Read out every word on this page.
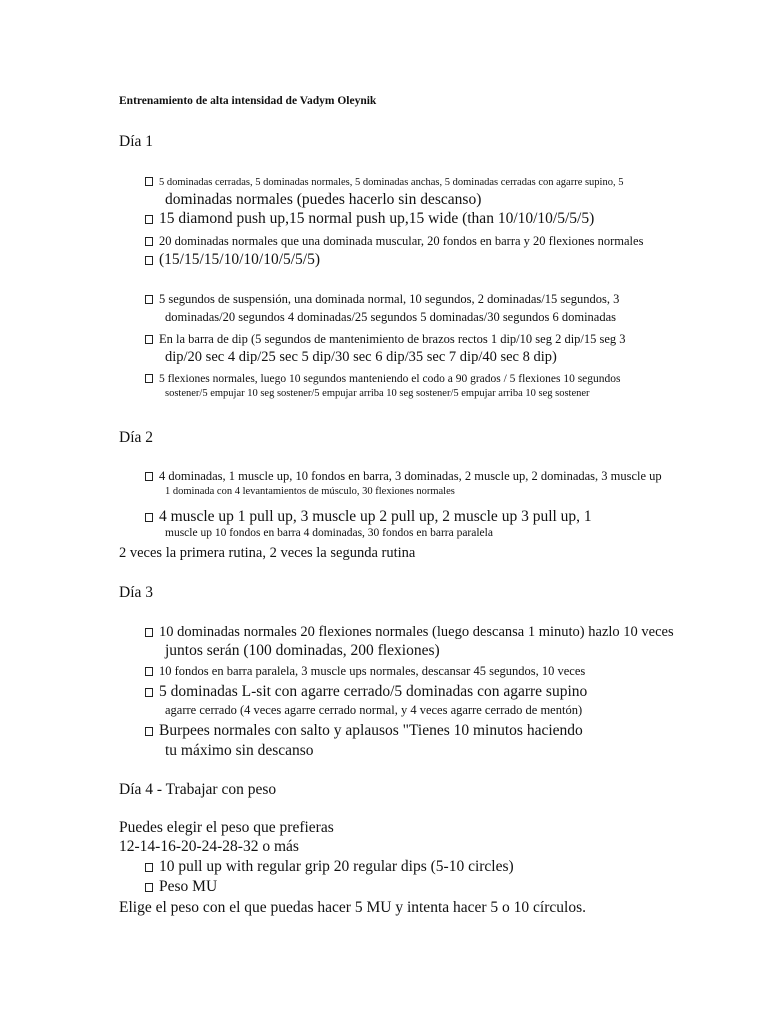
Entrenamiento de alta intensidad de Vadym Oleynik
Día 1
5 dominadas cerradas, 5 dominadas normales, 5 dominadas anchas, 5 dominadas cerradas con agarre supino, 5
dominadas normales (puedes hacerlo sin descanso)
15 diamond push up,15 normal push up,15 wide (than 10/10/10/5/5/5)
20 dominadas normales que una dominada muscular, 20 fondos en barra y 20 flexiones normales
(15/15/15/10/10/10/5/5/5)
5 segundos de suspensión, una dominada normal, 10 segundos, 2 dominadas/15 segundos, 3
dominadas/20 segundos 4 dominadas/25 segundos 5 dominadas/30 segundos 6 dominadas
En la barra de dip (5 segundos de mantenimiento de brazos rectos 1 dip/10 seg 2 dip/15 seg 3
dip/20 sec 4 dip/25 sec 5 dip/30 sec 6 dip/35 sec 7 dip/40 sec 8 dip)
5 flexiones normales, luego 10 segundos manteniendo el codo a 90 grados / 5 flexiones 10 segundos
sostener/5 empujar 10 seg sostener/5 empujar arriba 10 seg sostener/5 empujar arriba 10 seg sostener
Día 2
4 dominadas, 1 muscle up, 10 fondos en barra, 3 dominadas, 2 muscle up, 2 dominadas, 3 muscle up
1 dominada con 4 levantamientos de músculo, 30 flexiones normales
4 muscle up 1 pull up, 3 muscle up 2 pull up, 2 muscle up 3 pull up, 1
muscle up 10 fondos en barra 4 dominadas, 30 fondos en barra paralela
2 veces la primera rutina, 2 veces la segunda rutina
Día 3
10 dominadas normales 20 flexiones normales (luego descansa 1 minuto) hazlo 10 veces
juntos serán (100 dominadas, 200 flexiones)
10 fondos en barra paralela, 3 muscle ups normales, descansar 45 segundos, 10 veces
5 dominadas L-sit con agarre cerrado/5 dominadas con agarre supino
agarre cerrado (4 veces agarre cerrado normal, y 4 veces agarre cerrado de mentón)
Burpees normales con salto y aplausos "Tienes 10 minutos haciendo
tu máximo sin descanso
Día 4 - Trabajar con peso
Puedes elegir el peso que prefieras
12-14-16-20-24-28-32 o más
10 pull up with regular grip 20 regular dips (5-10 circles)
Peso MU
Elige el peso con el que puedas hacer 5 MU y intenta hacer 5 o 10 círculos.
